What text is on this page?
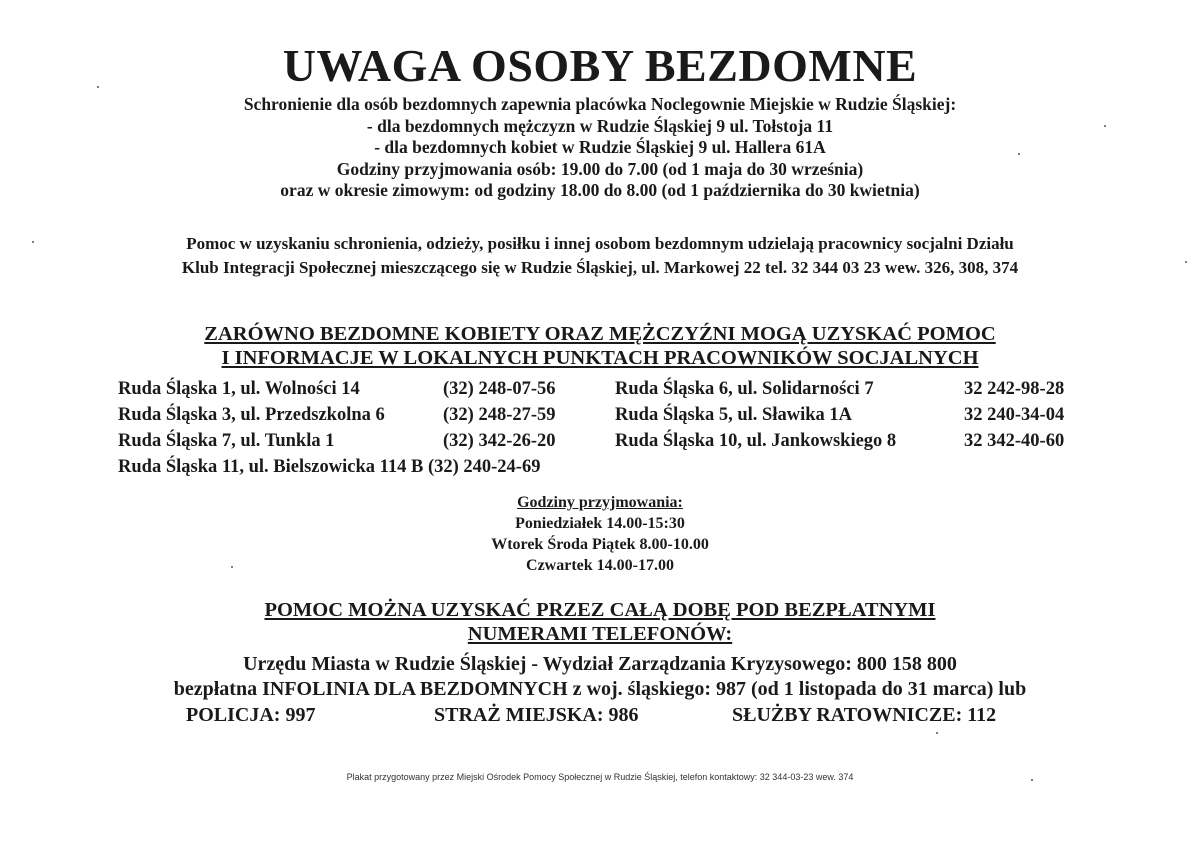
UWAGA OSOBY BEZDOMNE
Schronienie dla osób bezdomnych zapewnia placówka Noclegownie Miejskie w Rudzie Śląskiej:
- dla bezdomnych mężczyzn w Rudzie Śląskiej 9 ul. Tołstoja 11
- dla bezdomnych kobiet w Rudzie Śląskiej 9 ul. Hallera 61A
Godziny przyjmowania osób: 19.00 do 7.00 (od 1 maja do 30 września)
oraz w okresie zimowym: od godziny 18.00 do 8.00 (od 1 października do 30 kwietnia)
Pomoc w uzyskaniu schronienia, odzieży, posiłku i innej osobom bezdomnym udzielają pracownicy socjalni Działu
Klub Integracji Społecznej mieszczącego się w Rudzie Śląskiej, ul. Markowej 22 tel. 32 344 03 23 wew. 326, 308, 374
ZARÓWNO BEZDOMNE KOBIETY ORAZ MĘŻCZYŹNI MOGĄ UZYSKAĆ POMOC
I INFORMACJE W LOKALNYCH PUNKTACH PRACOWNIKÓW SOCJALNYCH
Ruda Śląska 1, ul. Wolności 14
Ruda Śląska 3, ul. Przedszkolna 6
Ruda Śląska 7, ul. Tunkla 1
(32) 248-07-56
(32) 248-27-59
(32) 342-26-20
Ruda Śląska 6, ul. Solidarności 7
Ruda Śląska 5, ul. Sławika 1A
Ruda Śląska 10, ul. Jankowskiego 8
32 242-98-28
32 240-34-04
32 342-40-60
Ruda Śląska 11, ul. Bielszowicka 114 B (32) 240-24-69
Godziny przyjmowania:
Poniedziałek 14.00-15:30
Wtorek Środa Piątek 8.00-10.00
Czwartek 14.00-17.00
POMOC MOŻNA UZYSKAĆ PRZEZ CAŁĄ DOBĘ POD BEZPŁATNYMI
NUMERAMI TELEFONÓW:
Urzędu Miasta w Rudzie Śląskiej - Wydział Zarządzania Kryzysowego: 800 158 800
bezpłatna INFOLINIA DLA BEZDOMNYCH z woj. śląskiego: 987 (od 1 listopada do 31 marca) lub
POLICJA: 997	STRAŻ MIEJSKA: 986	SŁUŻBY RATOWNICZE: 112
Plakat przygotowany przez Miejski Ośrodek Pomocy Społecznej w Rudzie Śląskiej, telefon kontaktowy: 32 344-03-23 wew. 374
